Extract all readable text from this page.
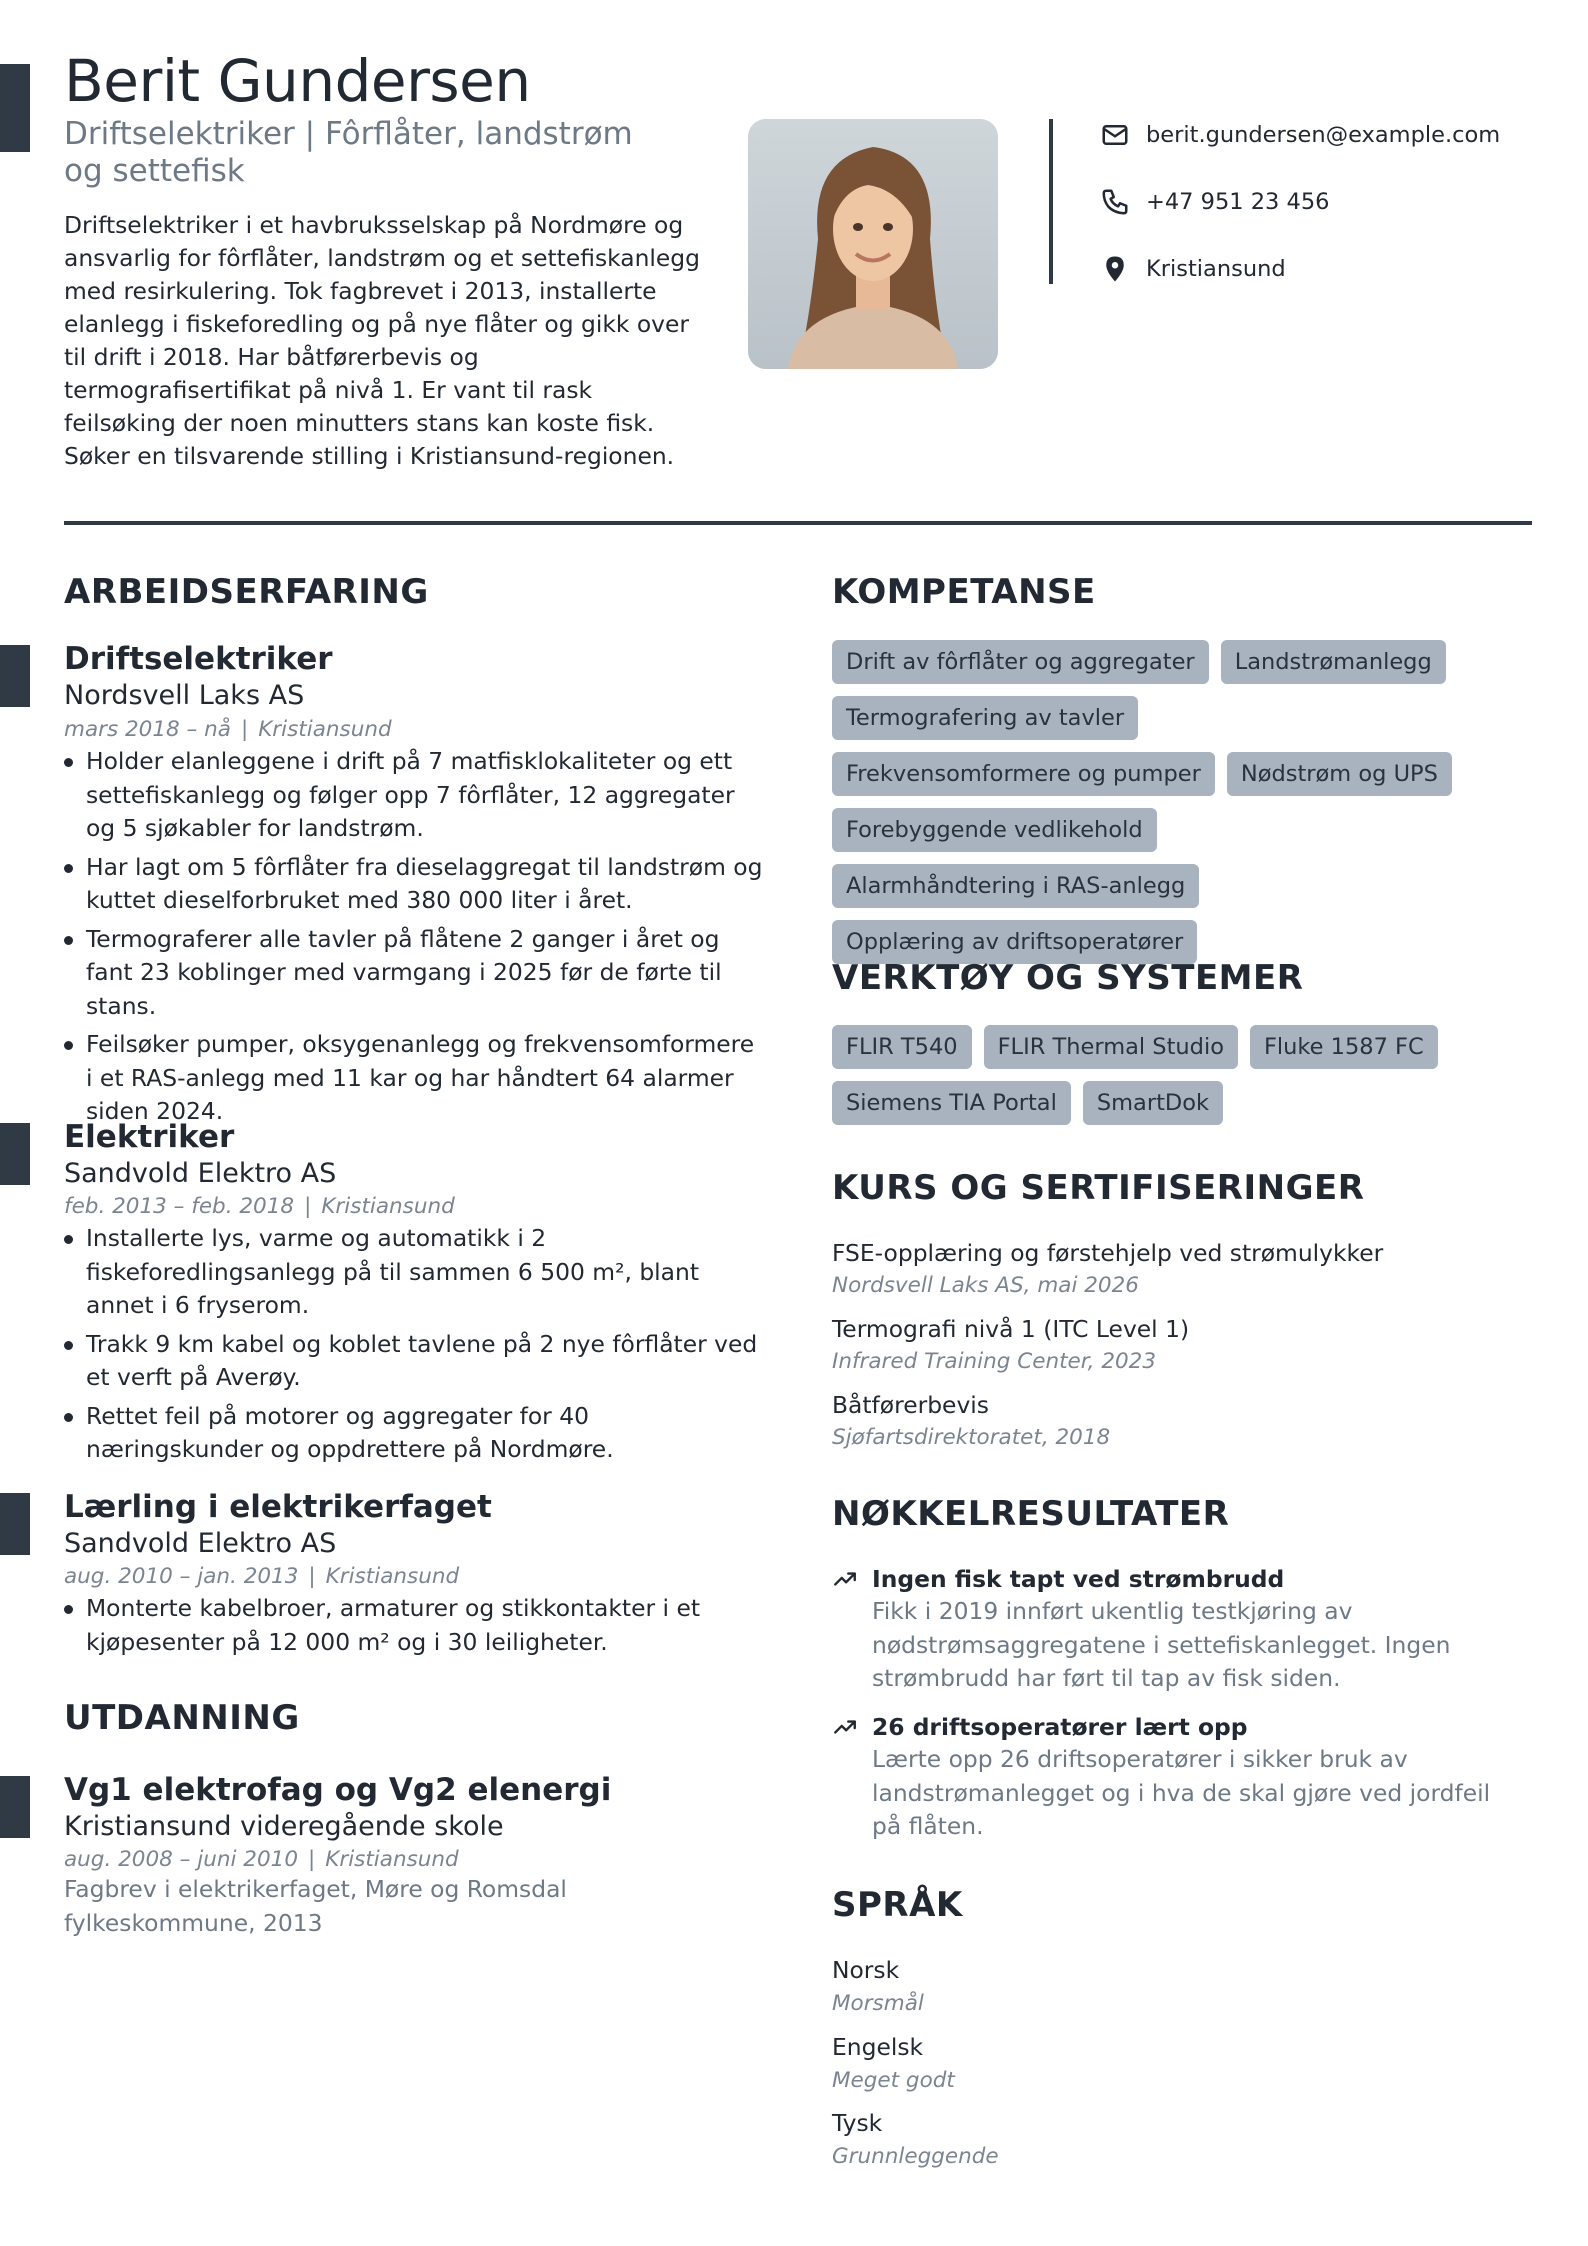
Berit Gundersen
Driftselektriker | Fôrflåter, landstrøm og settefisk
Driftselektriker i et havbruksselskap på Nordmøre og ansvarlig for fôrflåter, landstrøm og et settefiskanlegg med resirkulering. Tok fagbrevet i 2013, installerte elanlegg i fiskeforedling og på nye flåter og gikk over til drift i 2018. Har båtførerbevis og termografisertifikat på nivå 1. Er vant til rask feilsøking der noen minutters stans kan koste fisk. Søker en tilsvarende stilling i Kristiansund-regionen.
berit.gundersen@example.com
+47 951 23 456
Kristiansund
ARBEIDSERFARING
Driftselektriker
Nordsvell Laks AS
mars 2018 – nå | Kristiansund
Holder elanleggene i drift på 7 matfisklokaliteter og ett settefiskanlegg og følger opp 7 fôrflåter, 12 aggregater og 5 sjøkabler for landstrøm.
Har lagt om 5 fôrflåter fra dieselaggregat til landstrøm og kuttet dieselforbruket med 380 000 liter i året.
Termograferer alle tavler på flåtene 2 ganger i året og fant 23 koblinger med varmgang i 2025 før de førte til stans.
Feilsøker pumper, oksygenanlegg og frekvensomformere i et RAS-anlegg med 11 kar og har håndtert 64 alarmer siden 2024.
Elektriker
Sandvold Elektro AS
feb. 2013 – feb. 2018 | Kristiansund
Installerte lys, varme og automatikk i 2 fiskeforedlingsanlegg på til sammen 6 500 m², blant annet i 6 fryserom.
Trakk 9 km kabel og koblet tavlene på 2 nye fôrflåter ved et verft på Averøy.
Rettet feil på motorer og aggregater for 40 næringskunder og oppdrettere på Nordmøre.
Lærling i elektrikerfaget
Sandvold Elektro AS
aug. 2010 – jan. 2013 | Kristiansund
Monterte kabelbroer, armaturer og stikkontakter i et kjøpesenter på 12 000 m² og i 30 leiligheter.
UTDANNING
Vg1 elektrofag og Vg2 elenergi
Kristiansund videregående skole
aug. 2008 – juni 2010 | Kristiansund
Fagbrev i elektrikerfaget, Møre og Romsdal fylkeskommune, 2013
KOMPETANSE
Drift av fôrflåter og aggregater	Landstrømanlegg
Termografering av tavler
Frekvensomformere og pumper	Nødstrøm og UPS
Forebyggende vedlikehold
Alarmhåndtering i RAS-anlegg
Opplæring av driftsoperatører
VERKTØY OG SYSTEMER
FLIR T540	FLIR Thermal Studio	Fluke 1587 FC
Siemens TIA Portal	SmartDok
KURS OG SERTIFISERINGER
FSE-opplæring og førstehjelp ved strømulykker
Nordsvell Laks AS, mai 2026
Termografi nivå 1 (ITC Level 1)
Infrared Training Center, 2023
Båtførerbevis
Sjøfartsdirektoratet, 2018
NØKKELRESULTATER
Ingen fisk tapt ved strømbrudd
Fikk i 2019 innført ukentlig testkjøring av nødstrømsaggregatene i settefiskanlegget. Ingen strømbrudd har ført til tap av fisk siden.
26 driftsoperatører lært opp
Lærte opp 26 driftsoperatører i sikker bruk av landstrømanlegget og i hva de skal gjøre ved jordfeil på flåten.
SPRÅK
Norsk
Morsmål
Engelsk
Meget godt
Tysk
Grunnleggende
